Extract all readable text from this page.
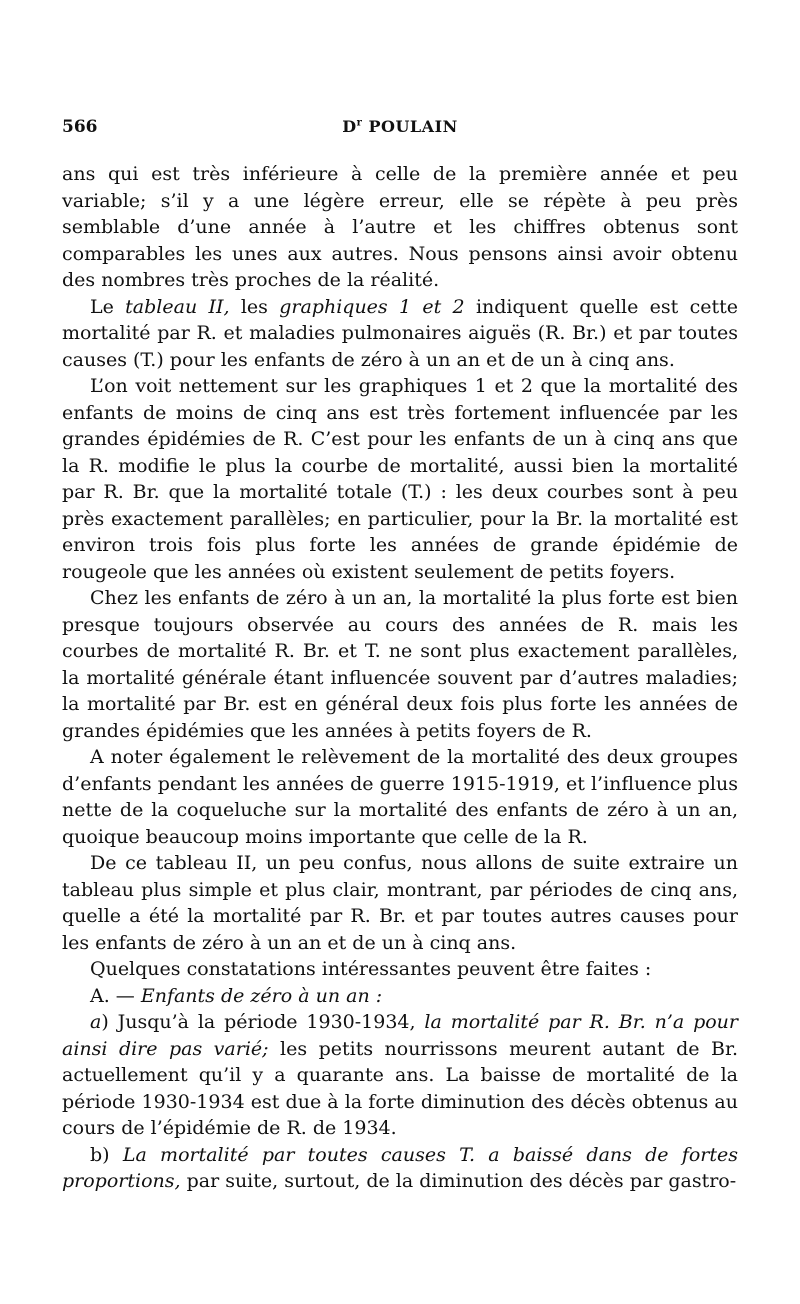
566	$D^r$ POULAIN

ans qui est très inférieure à celle de la première année et peu variable; s’il y a une légère erreur, elle se répète à peu près semblable d’une année à l’autre et les chiffres obtenus sont comparables les unes aux autres. Nous pensons ainsi avoir obtenu des nombres très proches de la réalité.

Le tableau II, les graphiques 1 et 2 indiquent quelle est cette mortalité par R. et maladies pulmonaires aiguës (R. Br.) et par toutes causes (T.) pour les enfants de zéro à un an et de un à cinq ans.

L’on voit nettement sur les graphiques 1 et 2 que la mortalité des enfants de moins de cinq ans est très fortement influencée par les grandes épidémies de R. C’est pour les enfants de un à cinq ans que la R. modifie le plus la courbe de mortalité, aussi bien la mortalité par R. Br. que la mortalité totale (T.) : les deux courbes sont à peu près exactement parallèles; en particulier, pour la Br. la mortalité est environ trois fois plus forte les années de grande épidémie de rougeole que les années où existent seulement de petits foyers.

Chez les enfants de zéro à un an, la mortalité la plus forte est bien presque toujours observée au cours des années de R. mais les courbes de mortalité R. Br. et T. ne sont plus exactement parallèles, la mortalité générale étant influencée souvent par d’autres maladies; la mortalité par Br. est en général deux fois plus forte les années de grandes épidémies que les années à petits foyers de R.

A noter également le relèvement de la mortalité des deux groupes d’enfants pendant les années de guerre 1915-1919, et l’influence plus nette de la coqueluche sur la mortalité des enfants de zéro à un an, quoique beaucoup moins importante que celle de la R.

De ce tableau II, un peu confus, nous allons de suite extraire un tableau plus simple et plus clair, montrant, par périodes de cinq ans, quelle a été la mortalité par R. Br. et par toutes autres causes pour les enfants de zéro à un an et de un à cinq ans.

Quelques constatations intéressantes peuvent être faites :

A. — Enfants de zéro à un an :

a) Jusqu’à la période 1930-1934, la mortalité par R. Br. n’a pour ainsi dire pas varié; les petits nourrissons meurent autant de Br. actuellement qu’il y a quarante ans. La baisse de mortalité de la période 1930-1934 est due à la forte diminution des décès obtenus au cours de l’épidémie de R. de 1934.

b) La mortalité par toutes causes T. a baissé dans de fortes proportions, par suite, surtout, de la diminution des décès par gastro-
